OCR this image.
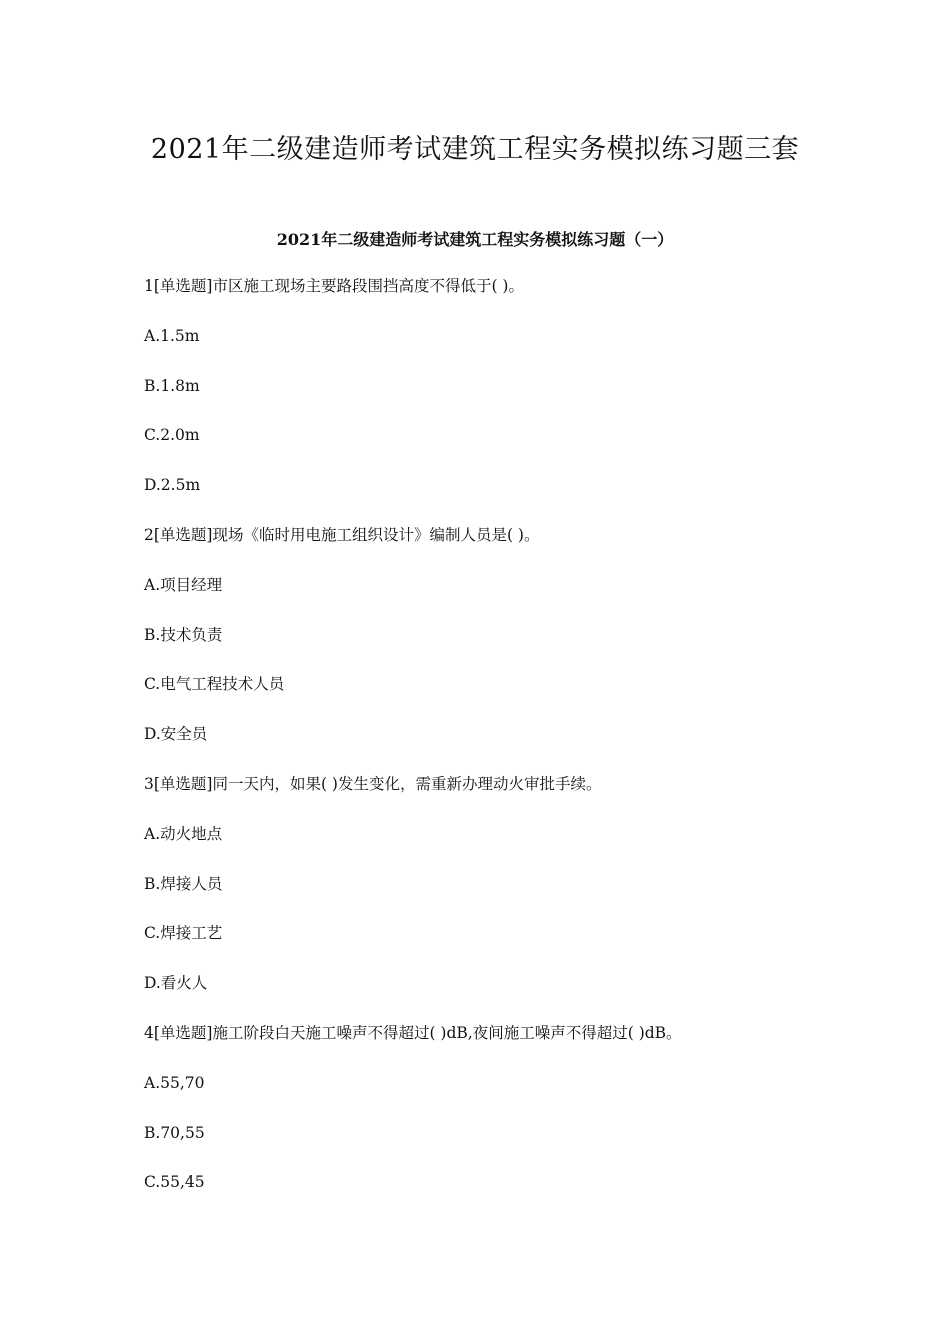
2021年二级建造师考试建筑工程实务模拟练习题三套
2021年二级建造师考试建筑工程实务模拟练习题（一）
1[单选题]市区施工现场主要路段围挡高度不得低于( )。
A.1.5m
B.1.8m
C.2.0m
D.2.5m
2[单选题]现场《临时用电施工组织设计》编制人员是( )。
A.项目经理
B.技术负责
C.电气工程技术人员
D.安全员
3[单选题]同一天内，如果( )发生变化，需重新办理动火审批手续。
A.动火地点
B.焊接人员
C.焊接工艺
D.看火人
4[单选题]施工阶段白天施工噪声不得超过( )dB,夜间施工噪声不得超过( )dB。
A.55,70
B.70,55
C.55,45
